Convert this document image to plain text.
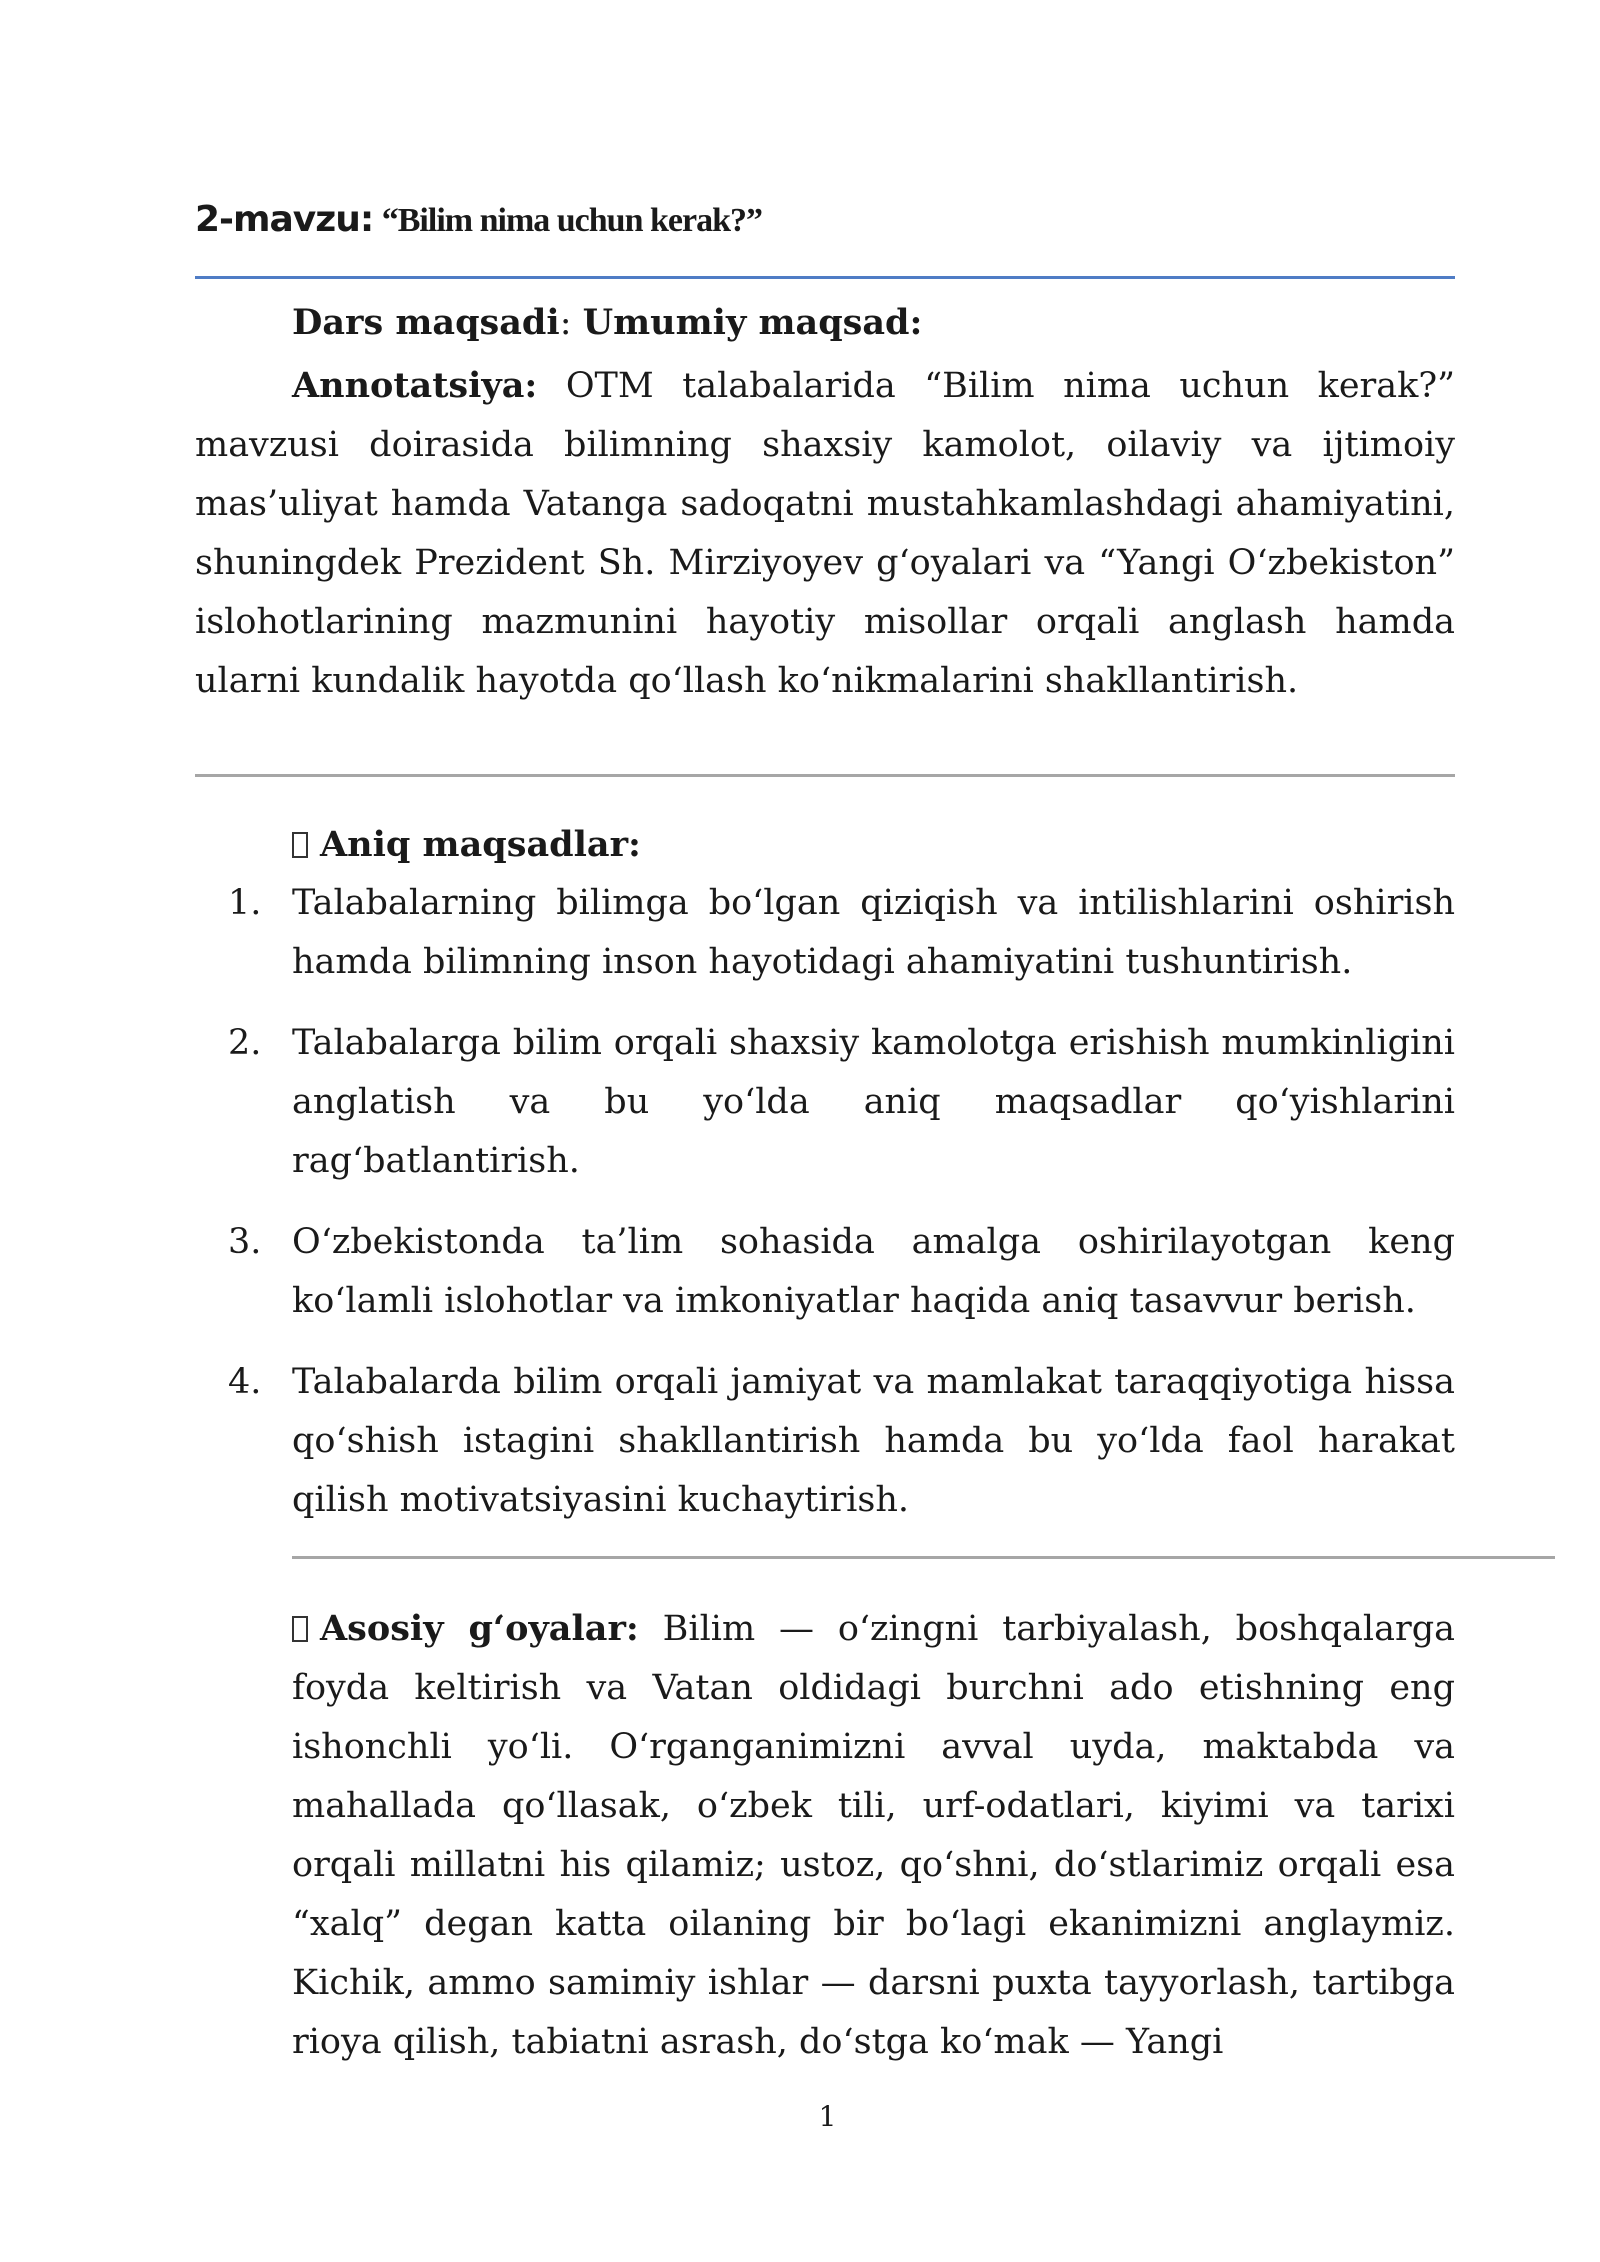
2-mavzu: “Bilim nima uchun kerak?”

Dars maqsadi: Umumiy maqsad:

Annotatsiya: OTM talabalarida “Bilim nima uchun kerak?” mavzusi doirasida bilimning shaxsiy kamolot, oilaviy va ijtimoiy mas’uliyat hamda Vatanga sadoqatni mustahkamlashdagi ahamiyatini, shuningdek Prezident Sh. Mirziyoyev g‘oyalari va “Yangi O‘zbekiston” islohotlarining mazmunini hayotiy misollar orqali anglash hamda ularni kundalik hayotda qo‘llash ko‘nikmalarini shakllantirish.

Aniq maqsadlar:

1. Talabalarning bilimga bo‘lgan qiziqish va intilishlarini oshirish hamda bilimning inson hayotidagi ahamiyatini tushuntirish.
2. Talabalarga bilim orqali shaxsiy kamolotga erishish mumkinligini anglatish va bu yo‘lda aniq maqsadlar qo‘yishlarini rag‘batlantirish.
3. O‘zbekistonda ta’lim sohasida amalga oshirilayotgan keng ko‘lamli islohotlar va imkoniyatlar haqida aniq tasavvur berish.
4. Talabalarda bilim orqali jamiyat va mamlakat taraqqiyotiga hissa qo‘shish istagini shakllantirish hamda bu yo‘lda faol harakat qilish motivatsiyasini kuchaytirish.

Asosiy g‘oyalar: Bilim — o‘zingni tarbiyalash, boshqalarga foyda keltirish va Vatan oldidagi burchni ado etishning eng ishonchli yo‘li. O‘rganganimizni avval uyda, maktabda va mahallada qo‘llasak, o‘zbek tili, urf-odatlari, kiyimi va tarixi orqali millatni his qilamiz; ustoz, qo‘shni, do‘stlarimiz orqali esa “xalq” degan katta oilaning bir bo‘lagi ekanimizni anglaymiz. Kichik, ammo samimiy ishlar — darsni puxta tayyorlash, tartibga rioya qilish, tabiatni asrash, do‘stga ko‘mak — Yangi

1
